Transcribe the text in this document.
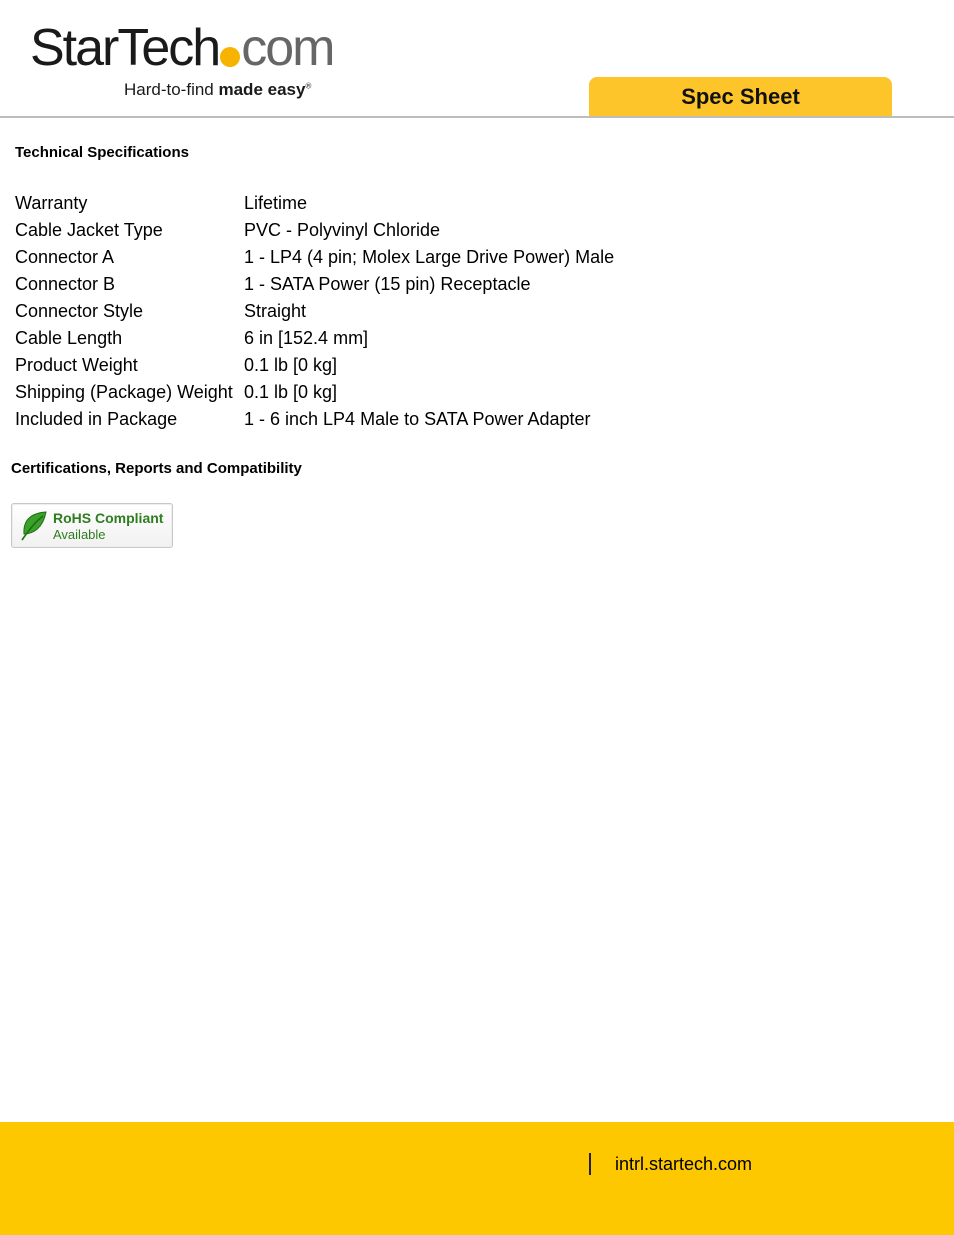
StarTech com
Hard-to-find made easy®	Spec Sheet
Technical Specifications
Warranty	Lifetime
Cable Jacket Type	PVC - Polyvinyl Chloride
Connector A	1 - LP4 (4 pin; Molex Large Drive Power) Male
Connector B	1 - SATA Power (15 pin) Receptacle
Connector Style	Straight
Cable Length	6 in [152.4 mm]
Product Weight	0.1 lb [0 kg]
Shipping (Package) Weight	0.1 lb [0 kg]
Included in Package	1 - 6 inch LP4 Male to SATA Power Adapter
Certifications, Reports and Compatibility
RoHS Compliant
Available
intrl.startech.com
